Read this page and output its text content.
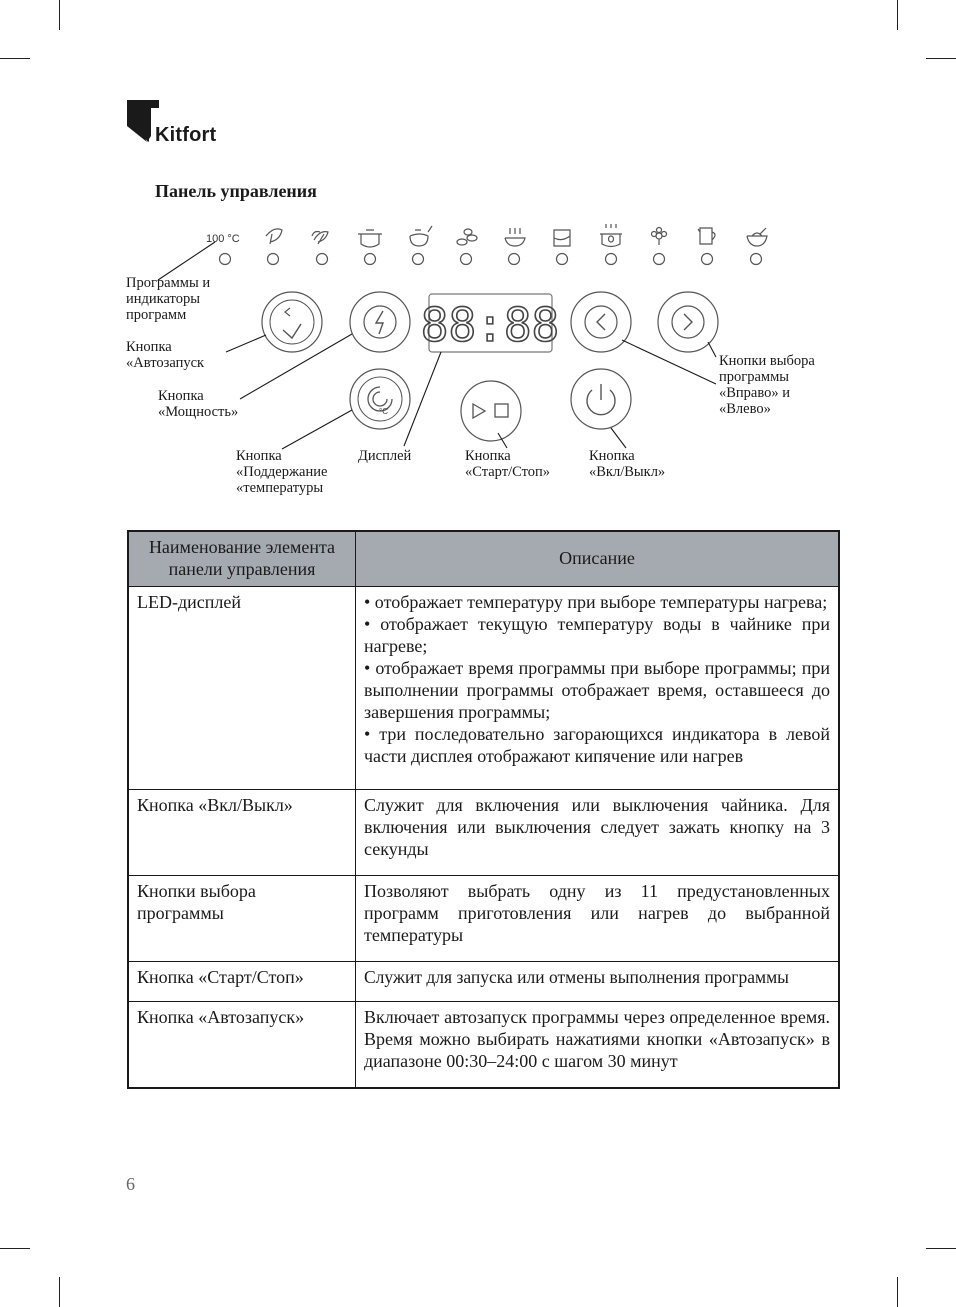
Kitfort
Панель управления
88:88
°C
100 °C
Программы и
индикаторы
программ
Кнопка
«Автозапуск
Кнопка
«Мощность»
Кнопка
«Поддержание
«температуры
Дисплей	Кнопка
«Старт/Стоп»
Кнопка
«Вкл/Выкл»
Кнопки выбора
программы
«Вправо» и
«Влево»
Наименование элемента панели управления	Описание
LED-дисплей	• отображает температуру при выборе температуры нагрева;
• отображает текущую температуру воды в чайнике при нагреве;
• отображает время программы при выборе программы; при выполнении программы отображает время, оставшееся до завершения программы;
• три последовательно загорающихся индикатора в левой части дисплея отображают кипячение или нагрев

Кнопка «Вкл/Выкл»	Служит для включения или выключения чайника. Для включения или выключения следует зажать кнопку на 3 секунды
Кнопки выбора программы	Позволяют выбрать одну из 11 предустановленных программ приготовления или нагрев до выбранной температуры
Кнопка «Старт/Стоп»	Служит для запуска или отмены выполнения программы
Кнопка «Автозапуск»	Включает автозапуск программы через определенное время. Время можно выбирать нажатиями кнопки «Автозапуск» в диапазоне 00:30–24:00 с шагом 30 минут
6
